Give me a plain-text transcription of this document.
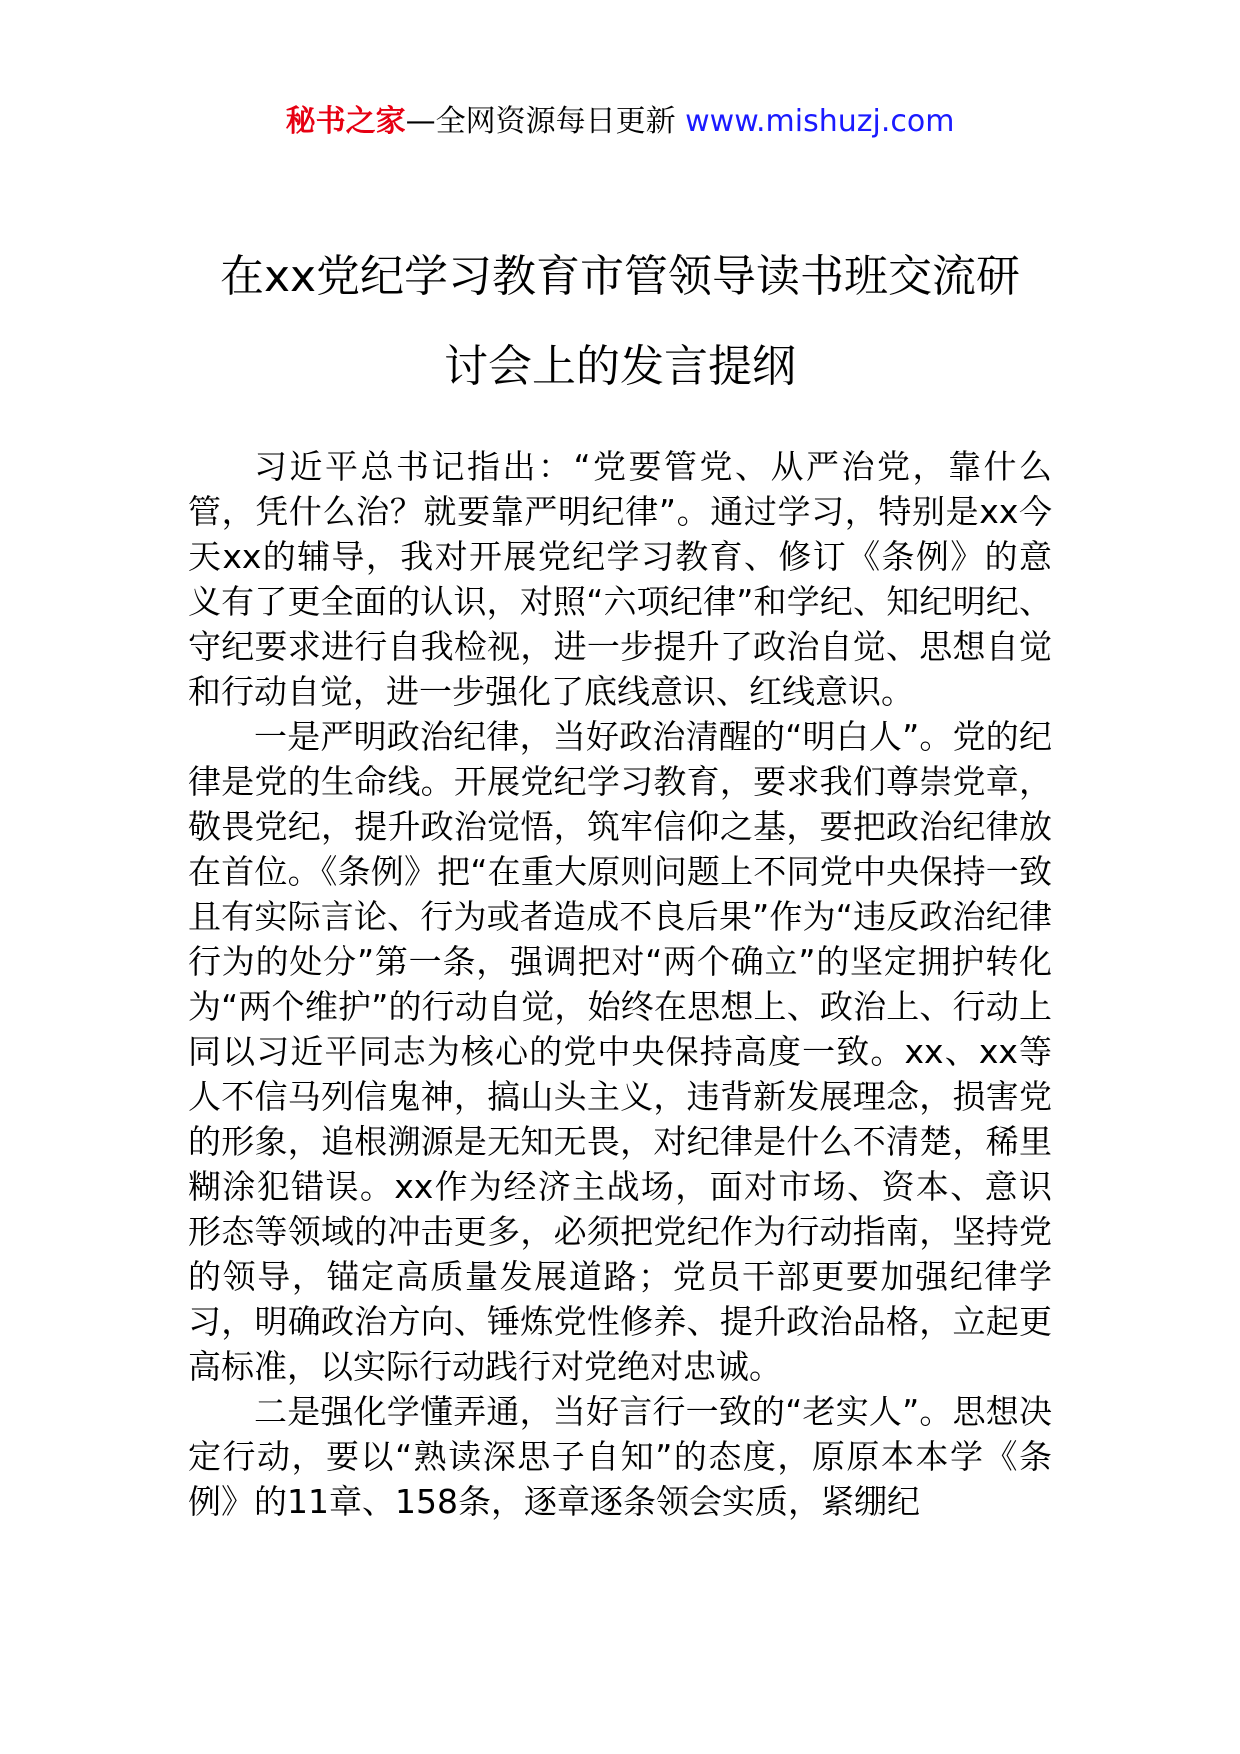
秘书之家—全网资源每日更新 www.mishuzj.com
在xx党纪学习教育市管领导读书班交流研
讨会上的发言提纲

习近平总书记指出：“党要管党、从严治党，靠什么管，凭什么治？就要靠严明纪律”。通过学习，特别是xx今天xx的辅导，我对开展党纪学习教育、修订《条例》的意义有了更全面的认识，对照“六项纪律”和学纪、知纪明纪、守纪要求进行自我检视，进一步提升了政治自觉、思想自觉和行动自觉，进一步强化了底线意识、红线意识。

一是严明政治纪律，当好政治清醒的“明白人”。党的纪律是党的生命线。开展党纪学习教育，要求我们尊崇党章，敬畏党纪，提升政治觉悟，筑牢信仰之基，要把政治纪律放在首位。《条例》把“在重大原则问题上不同党中央保持一致且有实际言论、行为或者造成不良后果”作为“违反政治纪律行为的处分”第一条，强调把对“两个确立”的坚定拥护转化为“两个维护”的行动自觉，始终在思想上、政治上、行动上同以习近平同志为核心的党中央保持高度一致。xx、xx等人不信马列信鬼神，搞山头主义，违背新发展理念，损害党的形象，追根溯源是无知无畏，对纪律是什么不清楚，稀里糊涂犯错误。xx作为经济主战场，面对市场、资本、意识形态等领域的冲击更多，必须把党纪作为行动指南，坚持党的领导，锚定高质量发展道路；党员干部更要加强纪律学习，明确政治方向、锤炼党性修养、提升政治品格，立起更高标准，以实际行动践行对党绝对忠诚。

二是强化学懂弄通，当好言行一致的“老实人”。思想决定行动，要以“熟读深思子自知”的态度，原原本本学《条例》的11章、158条，逐章逐条领会实质，紧绷纪
